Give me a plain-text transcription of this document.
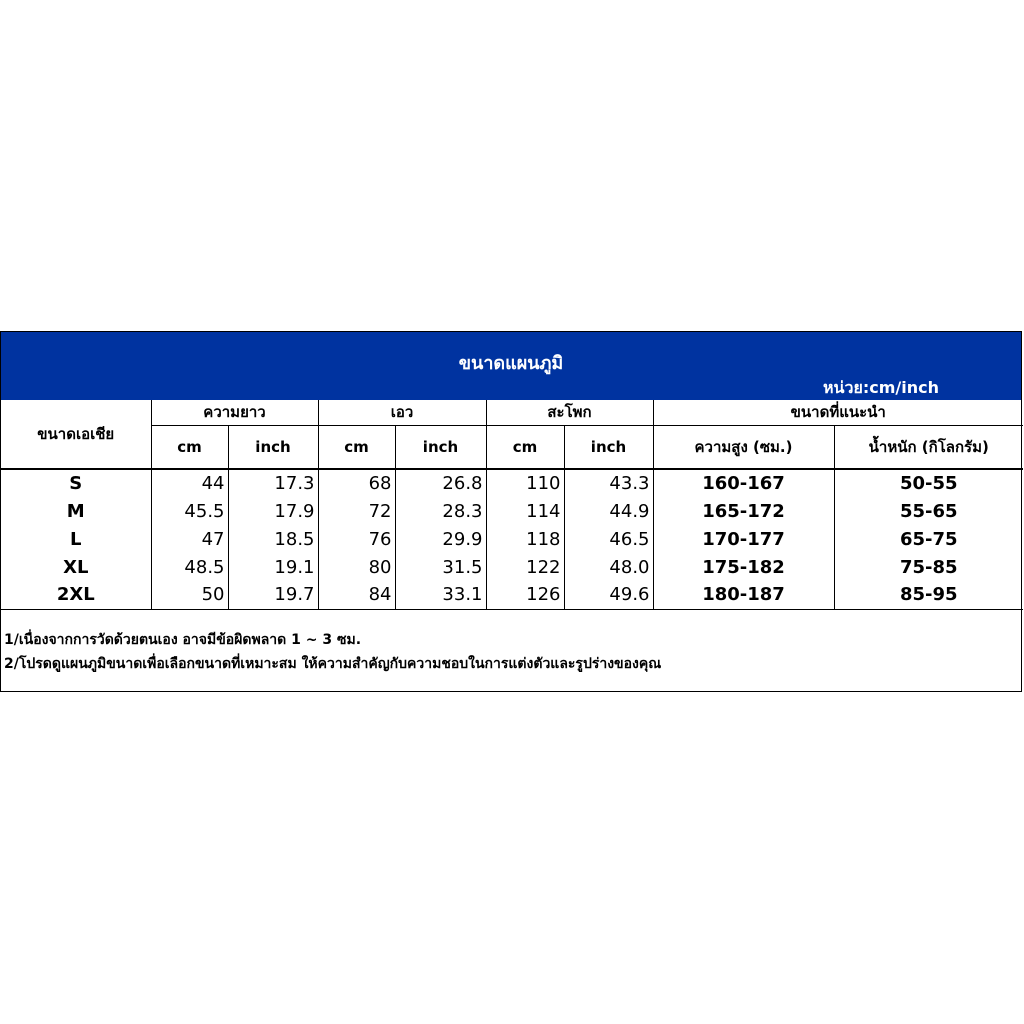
ขนาดแผนภูมิ
หน่วย:cm/inch
ขนาดเอเชีย	ความยาว		เอว		สะโพก		ขนาดที่แนะนำ	
							ความสูง (ซม.)	น้ำหนัก (กิโลกรัม)
	cm	inch	cm	inch	cm	inch		
S	44	17.3	68	26.8	110	43.3	160-167	50-55
M	45.5	17.9	72	28.3	114	44.9	165-172	55-65
L	47	18.5	76	29.9	118	46.5	170-177	65-75
XL	48.5	19.1	80	31.5	122	48.0	175-182	75-85
2XL	50	19.7	84	33.1	126	49.6	180-187	85-95
1/เนื่องจากการวัดด้วยตนเอง อาจมีข้อผิดพลาด 1 ~ 3 ซม.
2/โปรดดูแผนภูมิขนาดเพื่อเลือกขนาดที่เหมาะสม ให้ความสำคัญกับความชอบในการแต่งตัวและรูปร่างของคุณ
